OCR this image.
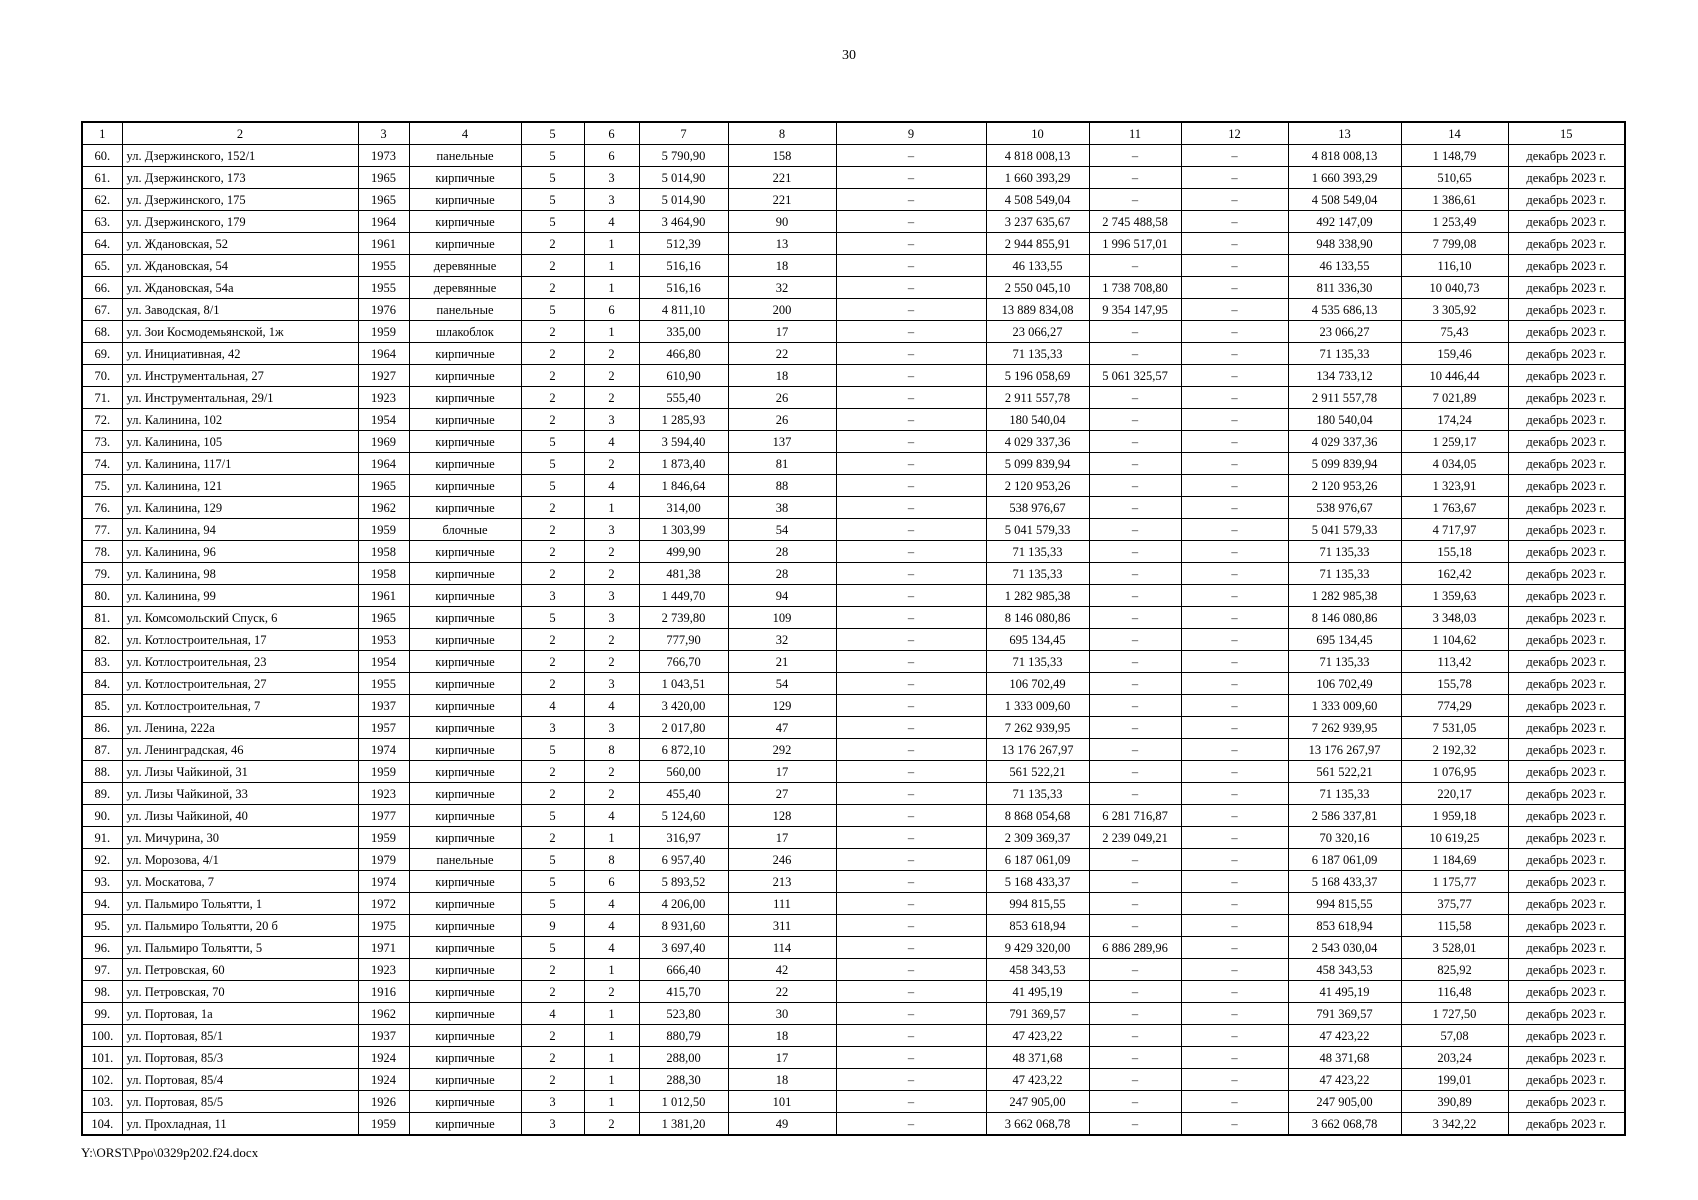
30
1	2	3	4	5	6	7	8	9	10	11	12	13	14	15
60.	ул. Дзержинского, 152/1	1973	панельные	5	6	5 790,90	158	–	4 818 008,13	–	–	4 818 008,13	1 148,79	декабрь 2023 г.
61.	ул. Дзержинского, 173	1965	кирпичные	5	3	5 014,90	221	–	1 660 393,29	–	–	1 660 393,29	510,65	декабрь 2023 г.
62.	ул. Дзержинского, 175	1965	кирпичные	5	3	5 014,90	221	–	4 508 549,04	–	–	4 508 549,04	1 386,61	декабрь 2023 г.
63.	ул. Дзержинского, 179	1964	кирпичные	5	4	3 464,90	90	–	3 237 635,67	2 745 488,58	–	492 147,09	1 253,49	декабрь 2023 г.
64.	ул. Ждановская, 52	1961	кирпичные	2	1	512,39	13	–	2 944 855,91	1 996 517,01	–	948 338,90	7 799,08	декабрь 2023 г.
65.	ул. Ждановская, 54	1955	деревянные	2	1	516,16	18	–	46 133,55	–	–	46 133,55	116,10	декабрь 2023 г.
66.	ул. Ждановская, 54а	1955	деревянные	2	1	516,16	32	–	2 550 045,10	1 738 708,80	–	811 336,30	10 040,73	декабрь 2023 г.
67.	ул. Заводская, 8/1	1976	панельные	5	6	4 811,10	200	–	13 889 834,08	9 354 147,95	–	4 535 686,13	3 305,92	декабрь 2023 г.
68.	ул. Зои Космодемьянской, 1ж	1959	шлакоблок	2	1	335,00	17	–	23 066,27	–	–	23 066,27	75,43	декабрь 2023 г.
69.	ул. Инициативная, 42	1964	кирпичные	2	2	466,80	22	–	71 135,33	–	–	71 135,33	159,46	декабрь 2023 г.
70.	ул. Инструментальная, 27	1927	кирпичные	2	2	610,90	18	–	5 196 058,69	5 061 325,57	–	134 733,12	10 446,44	декабрь 2023 г.
71.	ул. Инструментальная, 29/1	1923	кирпичные	2	2	555,40	26	–	2 911 557,78	–	–	2 911 557,78	7 021,89	декабрь 2023 г.
72.	ул. Калинина, 102	1954	кирпичные	2	3	1 285,93	26	–	180 540,04	–	–	180 540,04	174,24	декабрь 2023 г.
73.	ул. Калинина, 105	1969	кирпичные	5	4	3 594,40	137	–	4 029 337,36	–	–	4 029 337,36	1 259,17	декабрь 2023 г.
74.	ул. Калинина, 117/1	1964	кирпичные	5	2	1 873,40	81	–	5 099 839,94	–	–	5 099 839,94	4 034,05	декабрь 2023 г.
75.	ул. Калинина, 121	1965	кирпичные	5	4	1 846,64	88	–	2 120 953,26	–	–	2 120 953,26	1 323,91	декабрь 2023 г.
76.	ул. Калинина, 129	1962	кирпичные	2	1	314,00	38	–	538 976,67	–	–	538 976,67	1 763,67	декабрь 2023 г.
77.	ул. Калинина, 94	1959	блочные	2	3	1 303,99	54	–	5 041 579,33	–	–	5 041 579,33	4 717,97	декабрь 2023 г.
78.	ул. Калинина, 96	1958	кирпичные	2	2	499,90	28	–	71 135,33	–	–	71 135,33	155,18	декабрь 2023 г.
79.	ул. Калинина, 98	1958	кирпичные	2	2	481,38	28	–	71 135,33	–	–	71 135,33	162,42	декабрь 2023 г.
80.	ул. Калинина, 99	1961	кирпичные	3	3	1 449,70	94	–	1 282 985,38	–	–	1 282 985,38	1 359,63	декабрь 2023 г.
81.	ул. Комсомольский Спуск, 6	1965	кирпичные	5	3	2 739,80	109	–	8 146 080,86	–	–	8 146 080,86	3 348,03	декабрь 2023 г.
82.	ул. Котлостроительная, 17	1953	кирпичные	2	2	777,90	32	–	695 134,45	–	–	695 134,45	1 104,62	декабрь 2023 г.
83.	ул. Котлостроительная, 23	1954	кирпичные	2	2	766,70	21	–	71 135,33	–	–	71 135,33	113,42	декабрь 2023 г.
84.	ул. Котлостроительная, 27	1955	кирпичные	2	3	1 043,51	54	–	106 702,49	–	–	106 702,49	155,78	декабрь 2023 г.
85.	ул. Котлостроительная, 7	1937	кирпичные	4	4	3 420,00	129	–	1 333 009,60	–	–	1 333 009,60	774,29	декабрь 2023 г.
86.	ул. Ленина, 222а	1957	кирпичные	3	3	2 017,80	47	–	7 262 939,95	–	–	7 262 939,95	7 531,05	декабрь 2023 г.
87.	ул. Ленинградская, 46	1974	кирпичные	5	8	6 872,10	292	–	13 176 267,97	–	–	13 176 267,97	2 192,32	декабрь 2023 г.
88.	ул. Лизы Чайкиной, 31	1959	кирпичные	2	2	560,00	17	–	561 522,21	–	–	561 522,21	1 076,95	декабрь 2023 г.
89.	ул. Лизы Чайкиной, 33	1923	кирпичные	2	2	455,40	27	–	71 135,33	–	–	71 135,33	220,17	декабрь 2023 г.
90.	ул. Лизы Чайкиной, 40	1977	кирпичные	5	4	5 124,60	128	–	8 868 054,68	6 281 716,87	–	2 586 337,81	1 959,18	декабрь 2023 г.
91.	ул. Мичурина, 30	1959	кирпичные	2	1	316,97	17	–	2 309 369,37	2 239 049,21	–	70 320,16	10 619,25	декабрь 2023 г.
92.	ул. Морозова, 4/1	1979	панельные	5	8	6 957,40	246	–	6 187 061,09	–	–	6 187 061,09	1 184,69	декабрь 2023 г.
93.	ул. Москатова, 7	1974	кирпичные	5	6	5 893,52	213	–	5 168 433,37	–	–	5 168 433,37	1 175,77	декабрь 2023 г.
94.	ул. Пальмиро Тольятти, 1	1972	кирпичные	5	4	4 206,00	111	–	994 815,55	–	–	994 815,55	375,77	декабрь 2023 г.
95.	ул. Пальмиро Тольятти, 20 б	1975	кирпичные	9	4	8 931,60	311	–	853 618,94	–	–	853 618,94	115,58	декабрь 2023 г.
96.	ул. Пальмиро Тольятти, 5	1971	кирпичные	5	4	3 697,40	114	–	9 429 320,00	6 886 289,96	–	2 543 030,04	3 528,01	декабрь 2023 г.
97.	ул. Петровская, 60	1923	кирпичные	2	1	666,40	42	–	458 343,53	–	–	458 343,53	825,92	декабрь 2023 г.
98.	ул. Петровская, 70	1916	кирпичные	2	2	415,70	22	–	41 495,19	–	–	41 495,19	116,48	декабрь 2023 г.
99.	ул. Портовая, 1а	1962	кирпичные	4	1	523,80	30	–	791 369,57	–	–	791 369,57	1 727,50	декабрь 2023 г.
100.	ул. Портовая, 85/1	1937	кирпичные	2	1	880,79	18	–	47 423,22	–	–	47 423,22	57,08	декабрь 2023 г.
101.	ул. Портовая, 85/3	1924	кирпичные	2	1	288,00	17	–	48 371,68	–	–	48 371,68	203,24	декабрь 2023 г.
102.	ул. Портовая, 85/4	1924	кирпичные	2	1	288,30	18	–	47 423,22	–	–	47 423,22	199,01	декабрь 2023 г.
103.	ул. Портовая, 85/5	1926	кирпичные	3	1	1 012,50	101	–	247 905,00	–	–	247 905,00	390,89	декабрь 2023 г.
104.	ул. Прохладная, 11	1959	кирпичные	3	2	1 381,20	49	–	3 662 068,78	–	–	3 662 068,78	3 342,22	декабрь 2023 г.
Y:\ORST\Ppo\0329p202.f24.docx
